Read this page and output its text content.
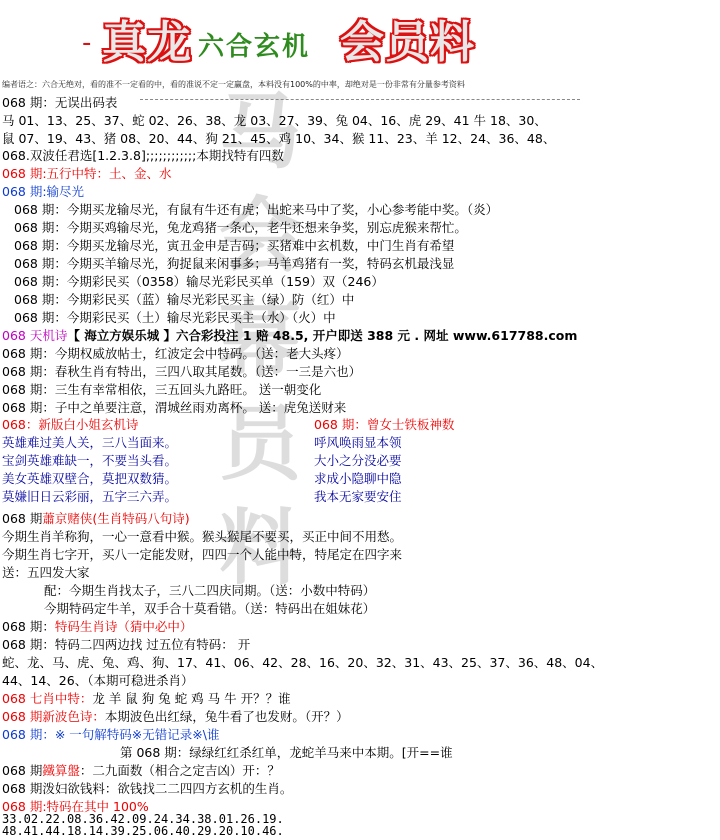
- 真龙 六合玄机 会员料
马
会
幕
员
料
编者语之：六合无绝对，看的准不一定看的中，看的准说不定一定赢盘，本料没有100%的中率，却绝对是一份非常有分量参考资料
068 期：无误出码表
马 01、13、25、37、蛇 02、26、38、龙 03、27、39、兔 04、16、虎 29、41 牛 18、30、
鼠 07、19、43、猪 08、20、44、狗 21、45、鸡 10、34、猴 11、23、羊 12、24、36、48、
068.双波任君选[1.2.3.8];;;;;;;;;;;;本期找特有四数
068 期:五行中特：土、金、水
068 期:输尽光
068 期：今期买龙输尽光，有鼠有牛还有虎；出蛇来马中了奖，小心参考能中奖。（炎）
068 期：今期买鸡输尽光，兔龙鸡猪一条心，老牛还想来争奖，别忘虎猴来帮忙。
068 期：今期买龙输尽光，寅丑金申是吉码；买猪难中玄机数，中门生肖有希望
068 期：今期买羊输尽光，狗捉鼠来闲事多；马羊鸡猪有一奖，特码玄机最浅显
068 期：今期彩民买（0358）输尽光彩民买单（159）双（246）
068 期：今期彩民买（蓝）输尽光彩民买主（绿）防（红）中
068 期：今期彩民买（土）输尽光彩民买主（水）（火）中
068 天机诗【 海立方娱乐城 】六合彩投注 1 赔 48.5, 开户即送 388 元 . 网址 www.617788.com
068 期：今期权威放帖士，红波定会中特码。（送：老大头疼）
068 期：春秋生肖有特出，三四八取其尾数。（送：一三是六也）
068 期：三生有幸常相依，三五回头九路旺。 送一朝变化
068 期：子中之单要注意，渭城丝雨劝离杯。 送：虎兔送财来
068：新版白小姐玄机诗	068 期：曾女士铁板神数
英雄难过美人关，三八当面来。	呼风唤雨显本领
宝剑英雄难缺一，不要当头看。	大小之分没必要
美女英雄双壁合，莫把双数猜。	求成小隐聊中隐
莫嫌旧日云彩丽，五字三六弄。	我本无家要安住
068 期蕭京赌侠(生肖特码八句诗)
今期生肖羊称狗，一心一意看中猴。猴头猴尾不要买，买正中间不用愁。
今期生肖七字开，买八一定能发财，四四一个人能中特，特尾定在四字来
送：五四发大家
配：今期生肖找太子，三八二四庆同期。（送：小数中特码）
今期特码定牛羊，双手合十莫看错。（送：特码出在姐妹花）
068 期：特码生肖诗（猜中必中）
068 期：特码二四两边找 过五位有特码： 开
蛇、龙、马、虎、兔、鸡、狗、17、41、06、42、28、16、20、32、31、43、25、37、36、48、04、
44、14、26、（本期可稳进杀肖）
068 七肖中特：龙 羊 鼠 狗 兔 蛇 鸡 马 牛 开？？谁
068 期新波色诗：本期波色出红绿，兔牛看了也发财。（开？）
068 期：※ 一句解特码※无错记录※\谁
第 068 期：绿绿红红杀红单，龙蛇羊马来中本期。[开==谁
068 期鐵算盤：二九面数（相合之定吉凶）开：？
068 期泼妇欲钱料：欲钱找二二四四方玄机的生肖。
068 期:特码在其中 100%
33.02.22.08.36.42.09.24.34.38.01.26.19.
48.41.44.18.14.39.25.06.40.29.20.10.46.
